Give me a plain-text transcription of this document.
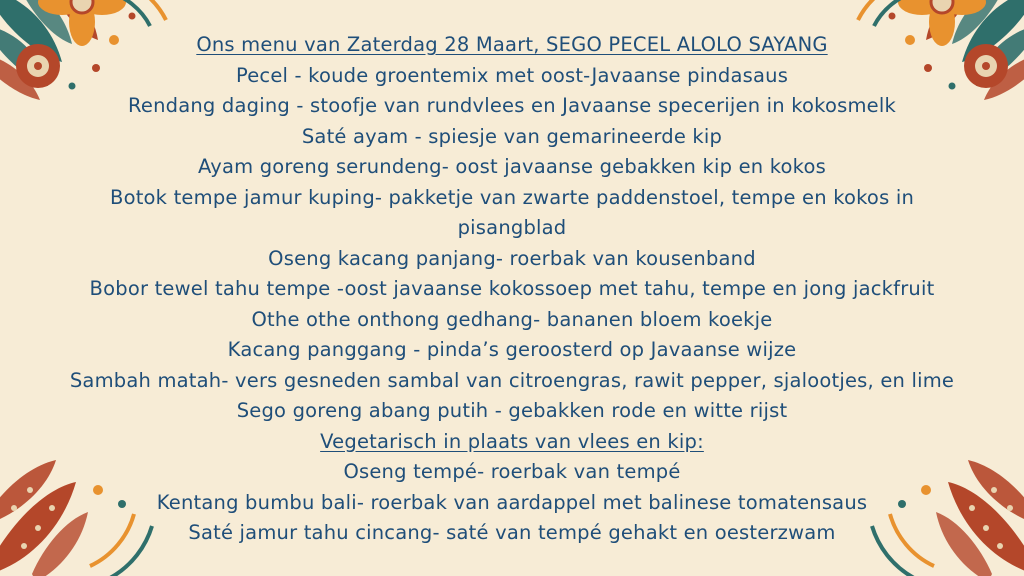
Ons menu van Zaterdag 28 Maart, SEGO PECEL ALOLO SAYANG

Pecel - koude groentemix met oost-Javaanse pindasaus

Rendang daging - stoofje van rundvlees en Javaanse specerijen in kokosmelk

Saté ayam - spiesje van gemarineerde kip

Ayam goreng serundeng- oost javaanse gebakken kip en kokos

Botok tempe jamur kuping- pakketje van zwarte paddenstoel, tempe en kokos in pisangblad

Oseng kacang panjang- roerbak van kousenband

Bobor tewel tahu tempe -oost javaanse kokossoep met tahu, tempe en jong jackfruit

Othe othe onthong gedhang- bananen bloem koekje

Kacang panggang - pinda’s geroosterd op Javaanse wijze

Sambah matah- vers gesneden sambal van citroengras, rawit pepper, sjalootjes, en lime

Sego goreng abang putih - gebakken rode en witte rijst

Vegetarisch in plaats van vlees en kip:

Oseng tempé- roerbak van tempé

Kentang bumbu bali- roerbak van aardappel met balinese tomatensaus

Saté jamur tahu cincang- saté van tempé gehakt en oesterzwam
